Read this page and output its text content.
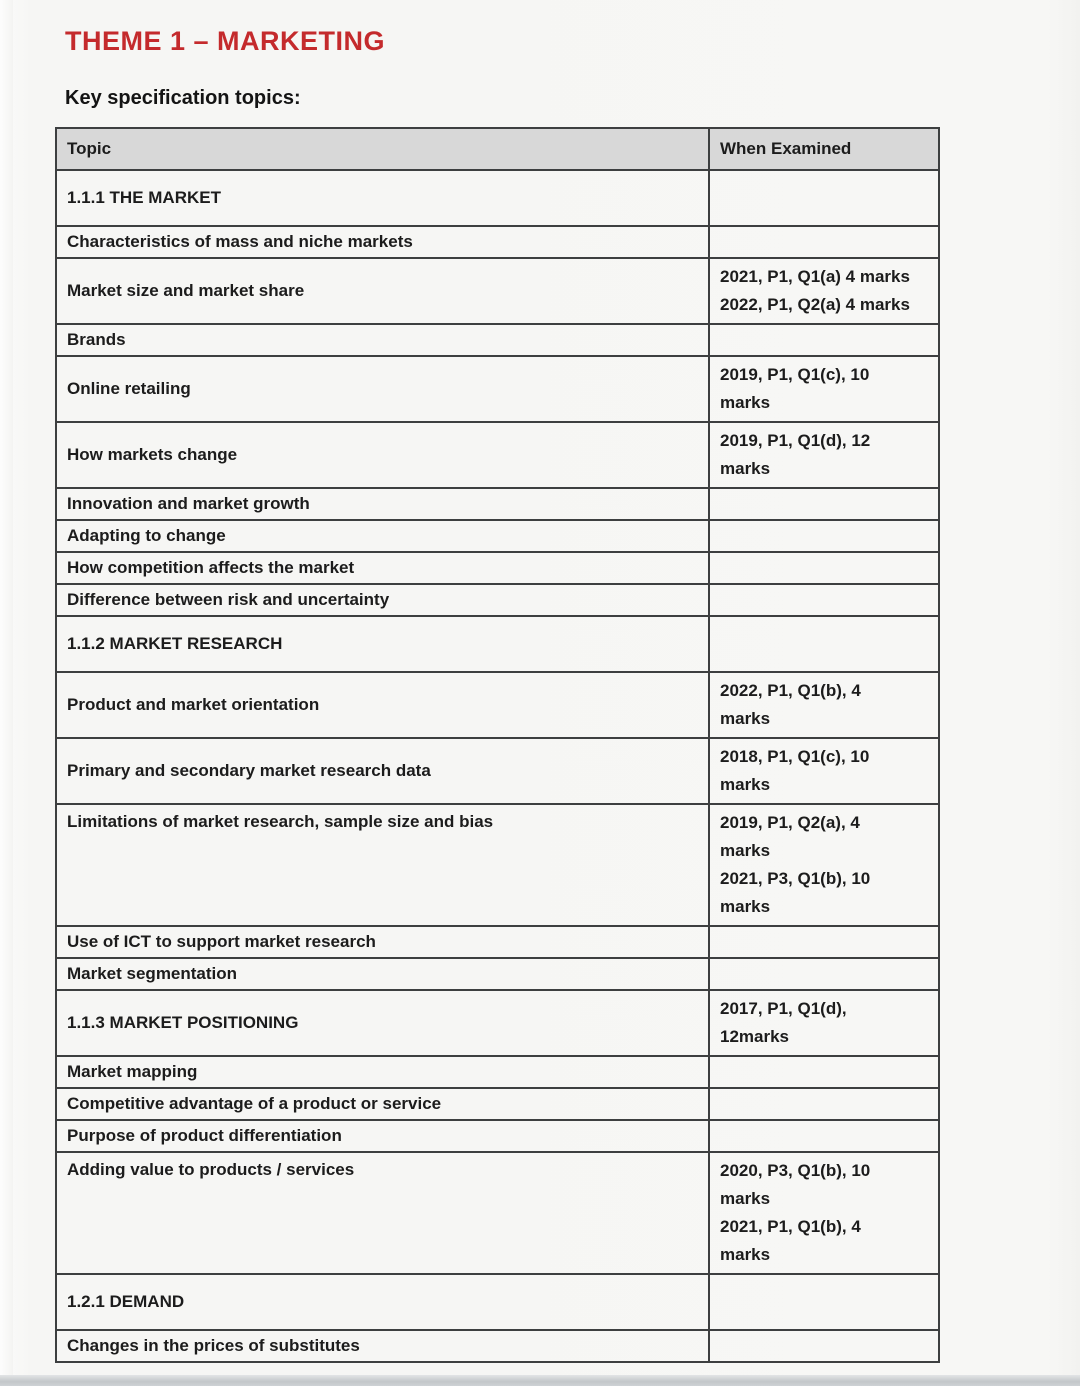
THEME 1 – MARKETING
Key specification topics:
Topic	When Examined
1.1.1 THE MARKET	
Characteristics of mass and niche markets	
Market size and market share	2021, P1, Q1(a) 4 marks
2022, P1, Q2(a) 4 marks

Brands	
Online retailing	2019, P1, Q1(c), 10
marks

How markets change	2019, P1, Q1(d), 12
marks

Innovation and market growth	
Adapting to change	
How competition affects the market	
Difference between risk and uncertainty	
1.1.2 MARKET RESEARCH	
Product and market orientation	2022, P1, Q1(b), 4
marks

Primary and secondary market research data	2018, P1, Q1(c), 10
marks

Limitations of market research, sample size and bias	2019, P1, Q2(a), 4
marks
2021, P3, Q1(b), 10
marks

Use of ICT to support market research	
Market segmentation	
1.1.3 MARKET POSITIONING	2017, P1, Q1(d),
12marks

Market mapping	
Competitive advantage of a product or service	
Purpose of product differentiation	
Adding value to products / services	2020, P3, Q1(b), 10
marks
2021, P1, Q1(b), 4
marks

1.2.1 DEMAND	
Changes in the prices of substitutes	
